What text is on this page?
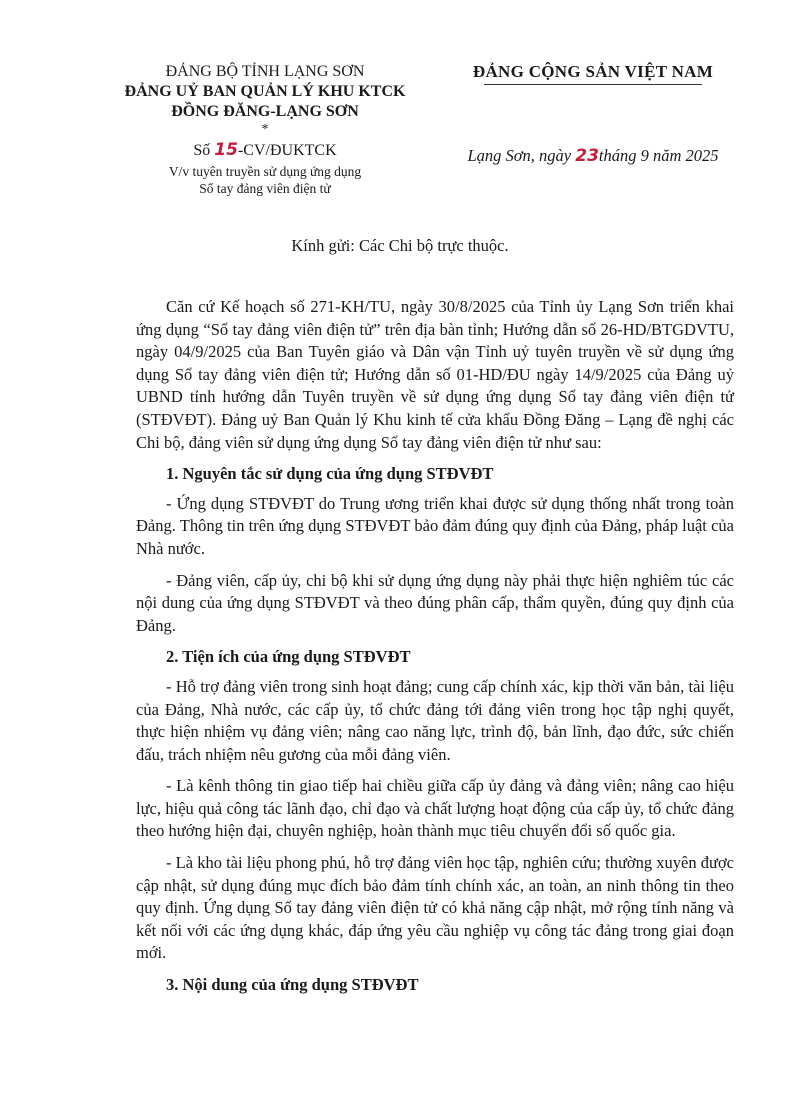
ĐẢNG BỘ TỈNH LẠNG SƠN
ĐẢNG UỶ BAN QUẢN LÝ KHU KTCK
ĐỒNG ĐĂNG-LẠNG SƠN
*
Số 15-CV/ĐUKTCK
V/v tuyên truyền sử dụng ứng dụng
Sổ tay đảng viên điện tử
ĐẢNG CỘNG SẢN VIỆT NAM
Lạng Sơn, ngày 23tháng 9 năm 2025
Kính gửi: Các Chi bộ trực thuộc.

Căn cứ Kế hoạch số 271-KH/TU, ngày 30/8/2025 của Tỉnh ủy Lạng Sơn triển khai ứng dụng “Sổ tay đảng viên điện tử” trên địa bàn tỉnh; Hướng dẫn số 26-HD/BTGDVTU, ngày 04/9/2025 của Ban Tuyên giáo và Dân vận Tỉnh uỷ tuyên truyền về sử dụng ứng dụng Sổ tay đảng viên điện tử; Hướng dẫn số 01-HD/ĐU ngày 14/9/2025 của Đảng uỷ UBND tỉnh hướng dẫn Tuyên truyền về sử dụng ứng dụng Sổ tay đảng viên điện tử (STĐVĐT). Đảng uỷ Ban Quản lý Khu kinh tế cửa khẩu Đồng Đăng – Lạng đề nghị các Chi bộ, đảng viên sử dụng ứng dụng Sổ tay đảng viên điện tử như sau:

1. Nguyên tắc sử dụng của ứng dụng STĐVĐT

- Ứng dụng STĐVĐT do Trung ương triển khai được sử dụng thống nhất trong toàn Đảng. Thông tin trên ứng dụng STĐVĐT bảo đảm đúng quy định của Đảng, pháp luật của Nhà nước.

- Đảng viên, cấp ủy, chi bộ khi sử dụng ứng dụng này phải thực hiện nghiêm túc các nội dung của ứng dụng STĐVĐT và theo đúng phân cấp, thẩm quyền, đúng quy định của Đảng.

2. Tiện ích của ứng dụng STĐVĐT

- Hỗ trợ đảng viên trong sinh hoạt đảng; cung cấp chính xác, kịp thời văn bản, tài liệu của Đảng, Nhà nước, các cấp ủy, tổ chức đảng tới đảng viên trong học tập nghị quyết, thực hiện nhiệm vụ đảng viên; nâng cao năng lực, trình độ, bản lĩnh, đạo đức, sức chiến đấu, trách nhiệm nêu gương của mỗi đảng viên.

- Là kênh thông tin giao tiếp hai chiều giữa cấp ủy đảng và đảng viên; nâng cao hiệu lực, hiệu quả công tác lãnh đạo, chỉ đạo và chất lượng hoạt động của cấp ủy, tổ chức đảng theo hướng hiện đại, chuyên nghiệp, hoàn thành mục tiêu chuyển đổi số quốc gia.

- Là kho tài liệu phong phú, hỗ trợ đảng viên học tập, nghiên cứu; thường xuyên được cập nhật, sử dụng đúng mục đích bảo đảm tính chính xác, an toàn, an ninh thông tin theo quy định. Ứng dụng Sổ tay đảng viên điện tử có khả năng cập nhật, mở rộng tính năng và kết nối với các ứng dụng khác, đáp ứng yêu cầu nghiệp vụ công tác đảng trong giai đoạn mới.

3. Nội dung của ứng dụng STĐVĐT
